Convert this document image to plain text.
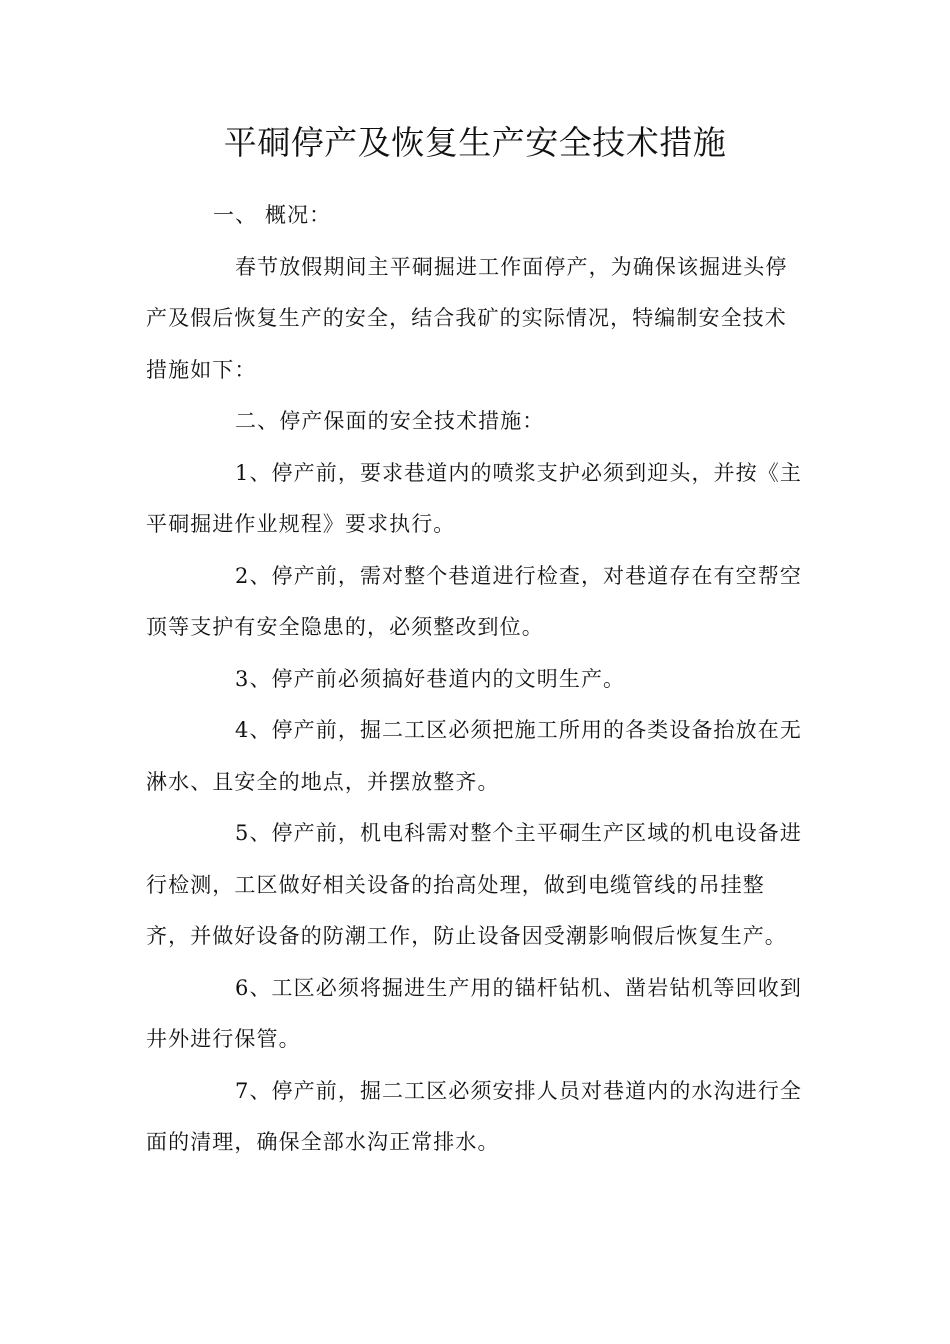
平硐停产及恢复生产安全技术措施
一、 概况：
春节放假期间主平硐掘进工作面停产，为确保该掘进头停
产及假后恢复生产的安全，结合我矿的实际情况，特编制安全技术
措施如下：
二、停产保面的安全技术措施：
1、停产前，要求巷道内的喷浆支护必须到迎头，并按《主
平硐掘进作业规程》要求执行。
2、停产前，需对整个巷道进行检查，对巷道存在有空帮空
顶等支护有安全隐患的，必须整改到位。
3、停产前必须搞好巷道内的文明生产。
4、停产前，掘二工区必须把施工所用的各类设备抬放在无
淋水、且安全的地点，并摆放整齐。
5、停产前，机电科需对整个主平硐生产区域的机电设备进
行检测，工区做好相关设备的抬高处理，做到电缆管线的吊挂整
齐，并做好设备的防潮工作，防止设备因受潮影响假后恢复生产。
6、工区必须将掘进生产用的锚杆钻机、凿岩钻机等回收到
井外进行保管。
7、停产前，掘二工区必须安排人员对巷道内的水沟进行全
面的清理，确保全部水沟正常排水。
